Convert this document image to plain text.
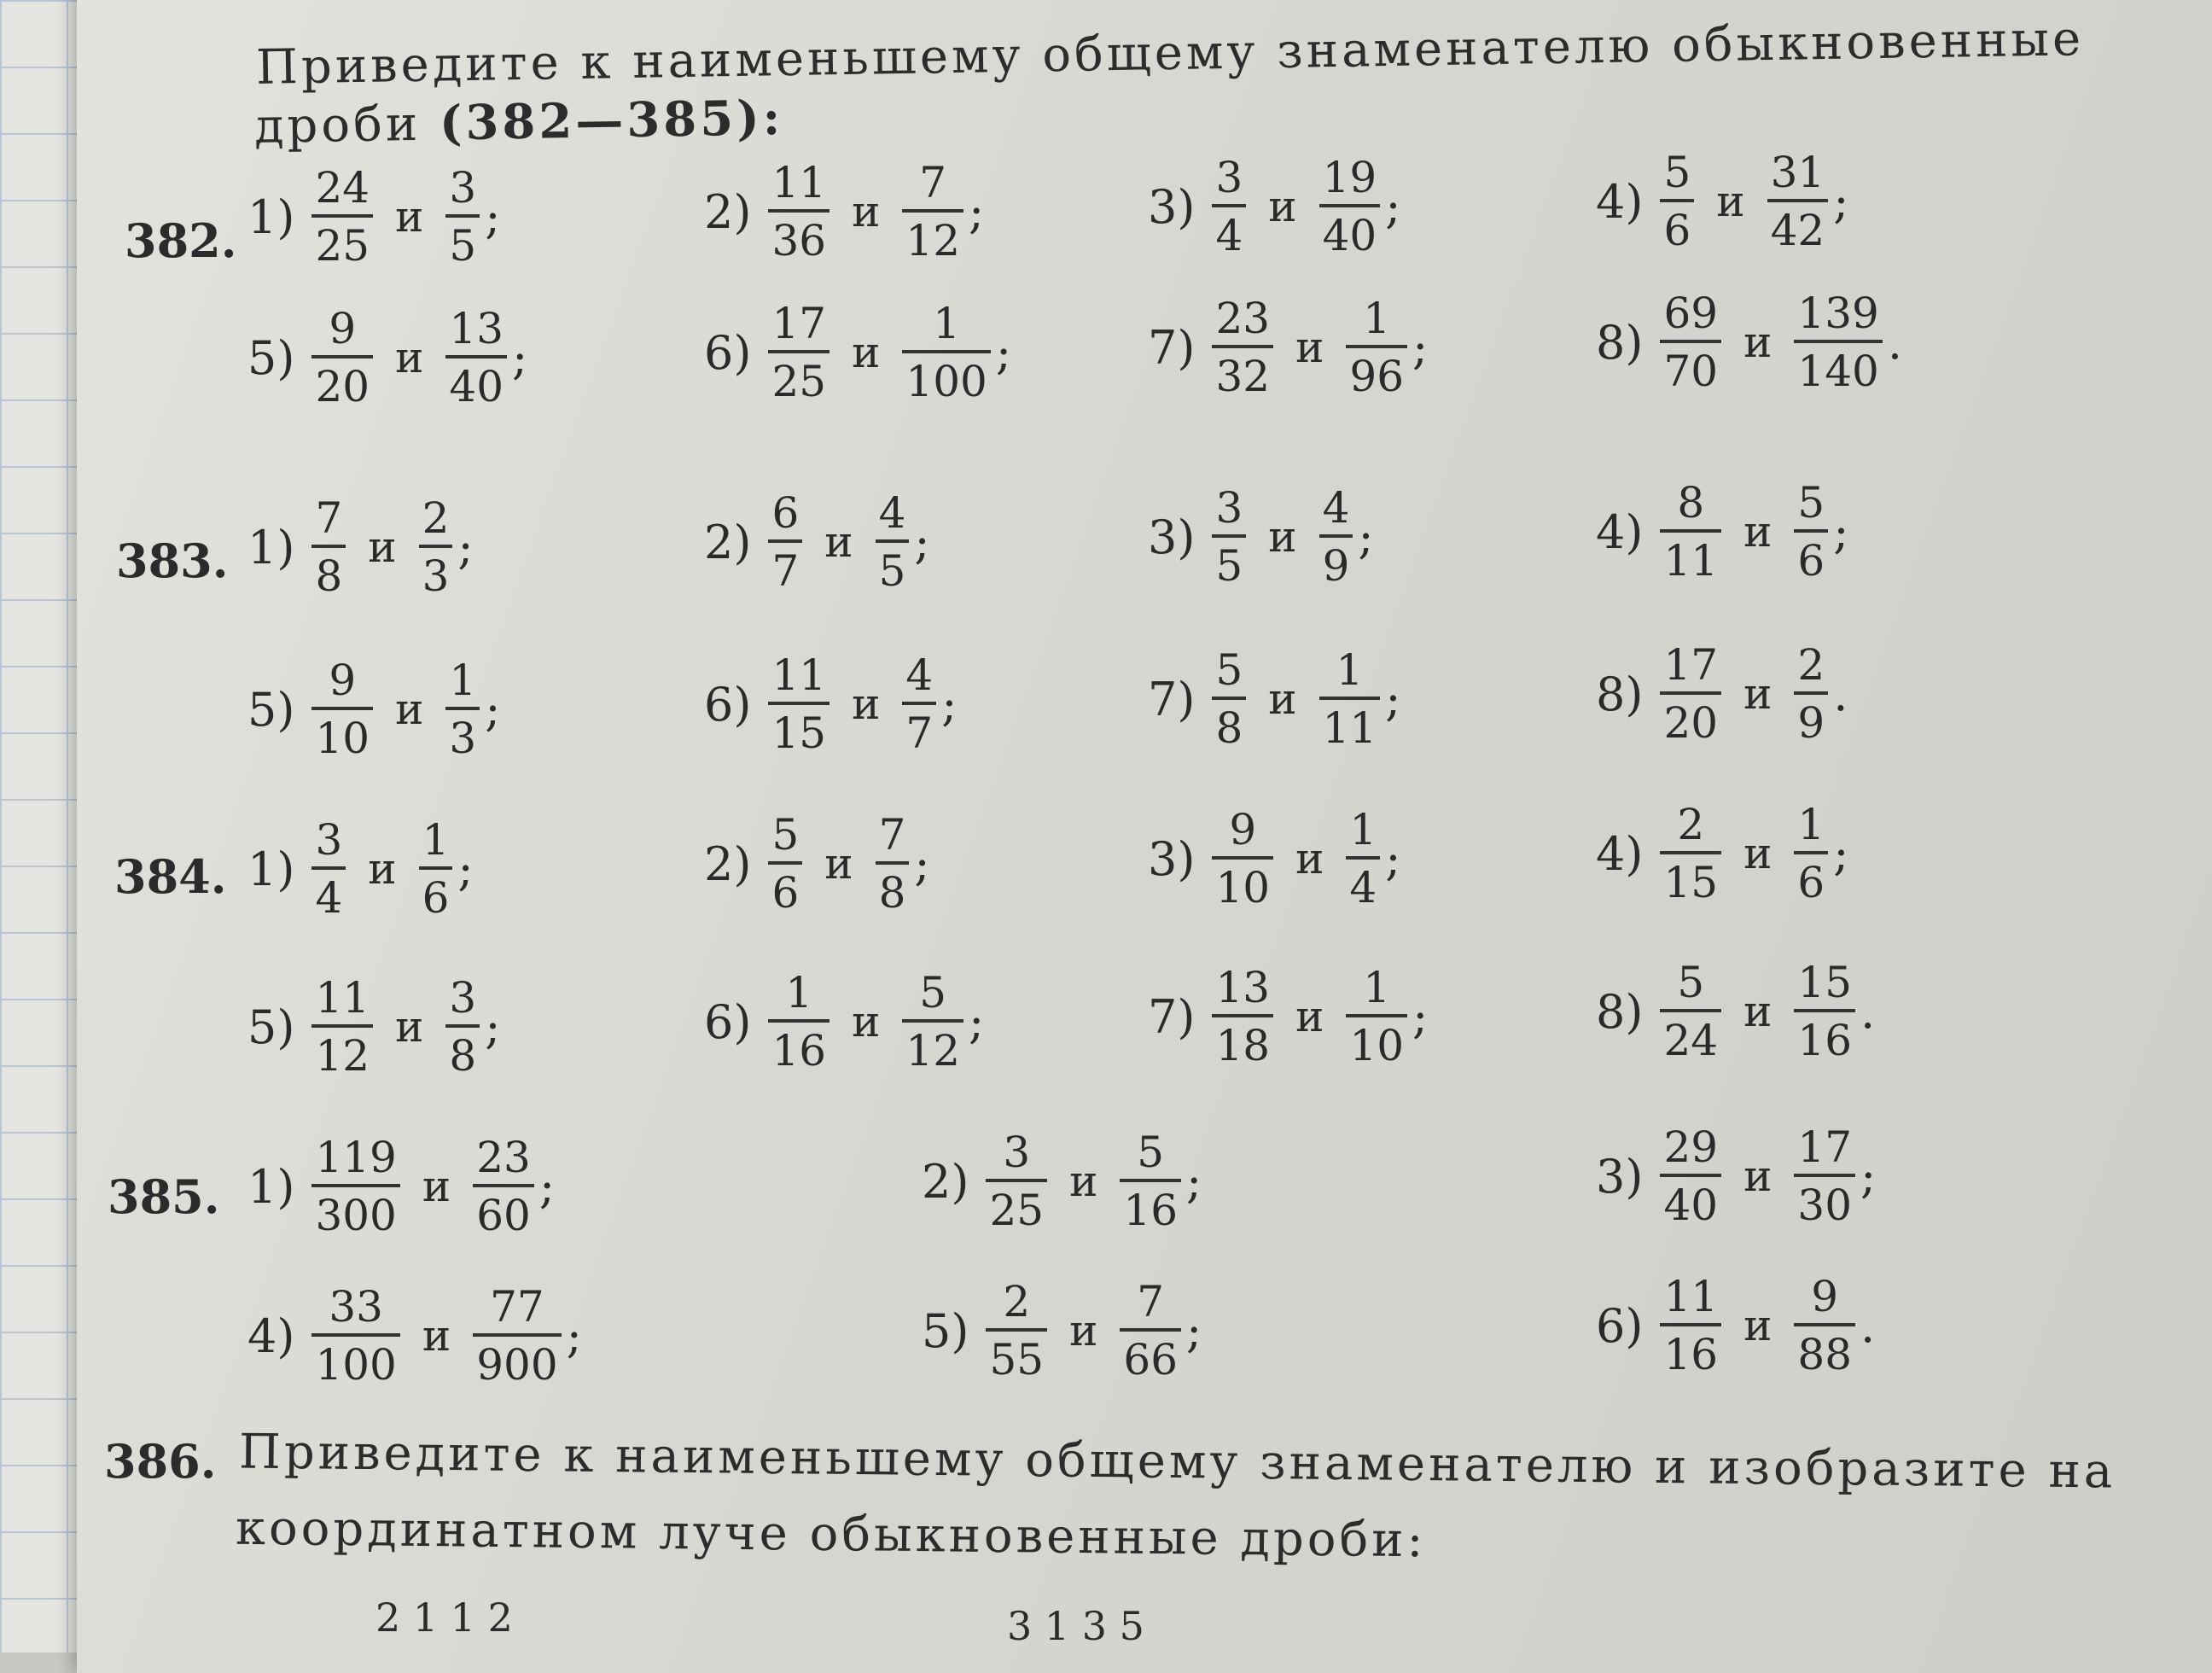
Приведите к наименьшему общему знаменателю обыкновенные
дроби (382—385):
382.
383.
384.
385.
$1) \frac{24}{25}$ и $\frac{3}{5}$ ;	$2) \frac{11}{36}$ и $\frac{7}{12}$ ;	$3) \frac{3}{4}$ и $\frac{19}{40}$ ;	$4) \frac{5}{6}$ и $\frac{31}{42}$ ;
$5) \frac{9}{20}$ и $\frac{13}{40}$ ;	$6) \frac{17}{25}$ и $\frac{1}{100}$ ;	$7) \frac{23}{32}$ и $\frac{1}{96}$ ;	$8) \frac{69}{70}$ и $\frac{139}{140}$ .
$1) \frac{7}{8}$ и $\frac{2}{3}$ ;	$2) \frac{6}{7}$ и $\frac{4}{5}$ ;	$3) \frac{3}{5}$ и $\frac{4}{9}$ ;	$4) \frac{8}{11}$ и $\frac{5}{6}$ ;
$5) \frac{9}{10}$ и $\frac{1}{3}$ ;	$6) \frac{11}{15}$ и $\frac{4}{7}$ ;	$7) \frac{5}{8}$ и $\frac{1}{11}$ ;	$8) \frac{17}{20}$ и $\frac{2}{9}$ .
$1) \frac{3}{4}$ и $\frac{1}{6}$ ;	$2) \frac{5}{6}$ и $\frac{7}{8}$ ;	$3) \frac{9}{10}$ и $\frac{1}{4}$ ;	$4) \frac{2}{15}$ и $\frac{1}{6}$ ;
$5) \frac{11}{12}$ и $\frac{3}{8}$ ;	$6) \frac{1}{16}$ и $\frac{5}{12}$ ;	$7) \frac{13}{18}$ и $\frac{1}{10}$ ;	$8) \frac{5}{24}$ и $\frac{15}{16}$ .
$1) \frac{119}{300}$ и $\frac{23}{60}$ ;	$2) \frac{3}{25}$ и $\frac{5}{16}$ ;	$3) \frac{29}{40}$ и $\frac{17}{30}$ ;
$4) \frac{33}{100}$ и $\frac{77}{900}$ ;	$5) \frac{2}{55}$ и $\frac{7}{66}$ ;	$6) \frac{11}{16}$ и $\frac{9}{88}$ .
386. Приведите к наименьшему общему знаменателю и изобразите на
координатном луче обыкновенные дроби:
2 1 1 2	3 1 3 5
